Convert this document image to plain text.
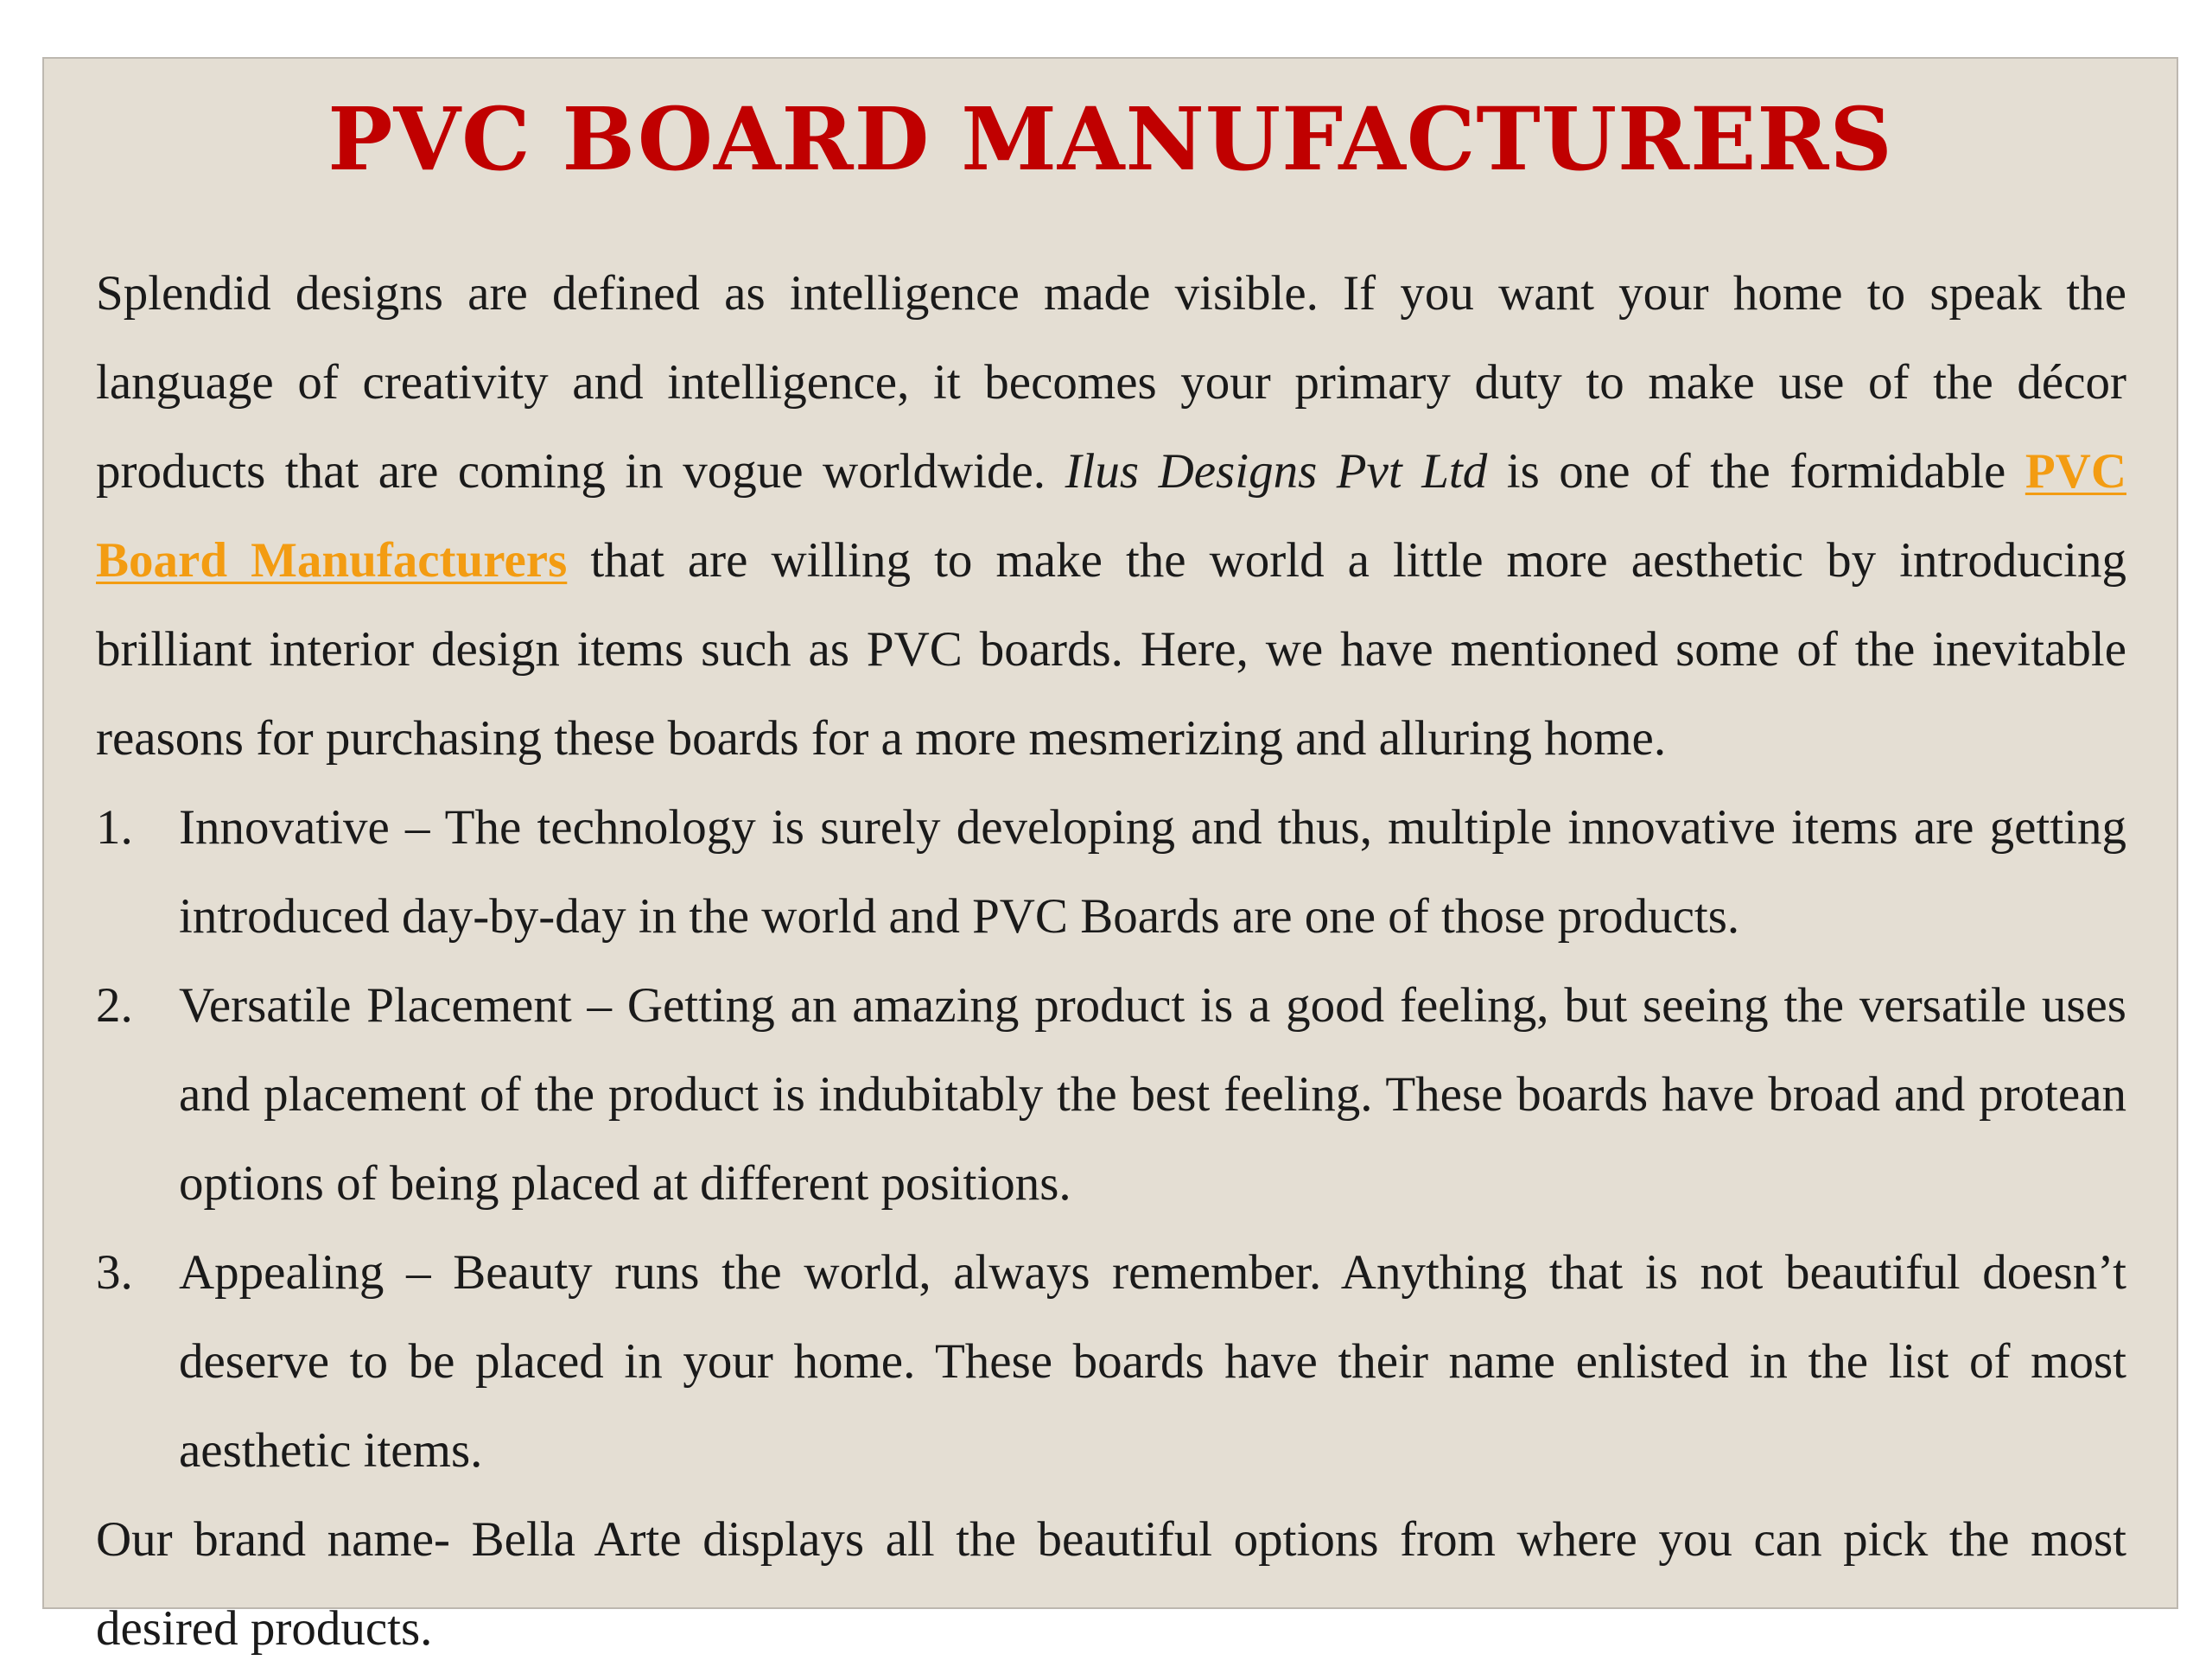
PVC BOARD MANUFACTURERS

Splendid designs are defined as intelligence made visible. If you want your home to speak the language of creativity and intelligence, it becomes your primary duty to make use of the décor products that are coming in vogue worldwide. Ilus Designs Pvt Ltd is one of the formidable PVC Board Manufacturers that are willing to make the world a little more aesthetic by introducing brilliant interior design items such as PVC boards. Here, we have mentioned some of the inevitable reasons for purchasing these boards for a more mesmerizing and alluring home.

1. Innovative – The technology is surely developing and thus, multiple innovative items are getting introduced day-by-day in the world and PVC Boards are one of those products.
2. Versatile Placement – Getting an amazing product is a good feeling, but seeing the versatile uses and placement of the product is indubitably the best feeling. These boards have broad and protean options of being placed at different positions.
3. Appealing – Beauty runs the world, always remember. Anything that is not beautiful doesn’t deserve to be placed in your home. These boards have their name enlisted in the list of most aesthetic items.

Our brand name- Bella Arte displays all the beautiful options from where you can pick the most desired products.
